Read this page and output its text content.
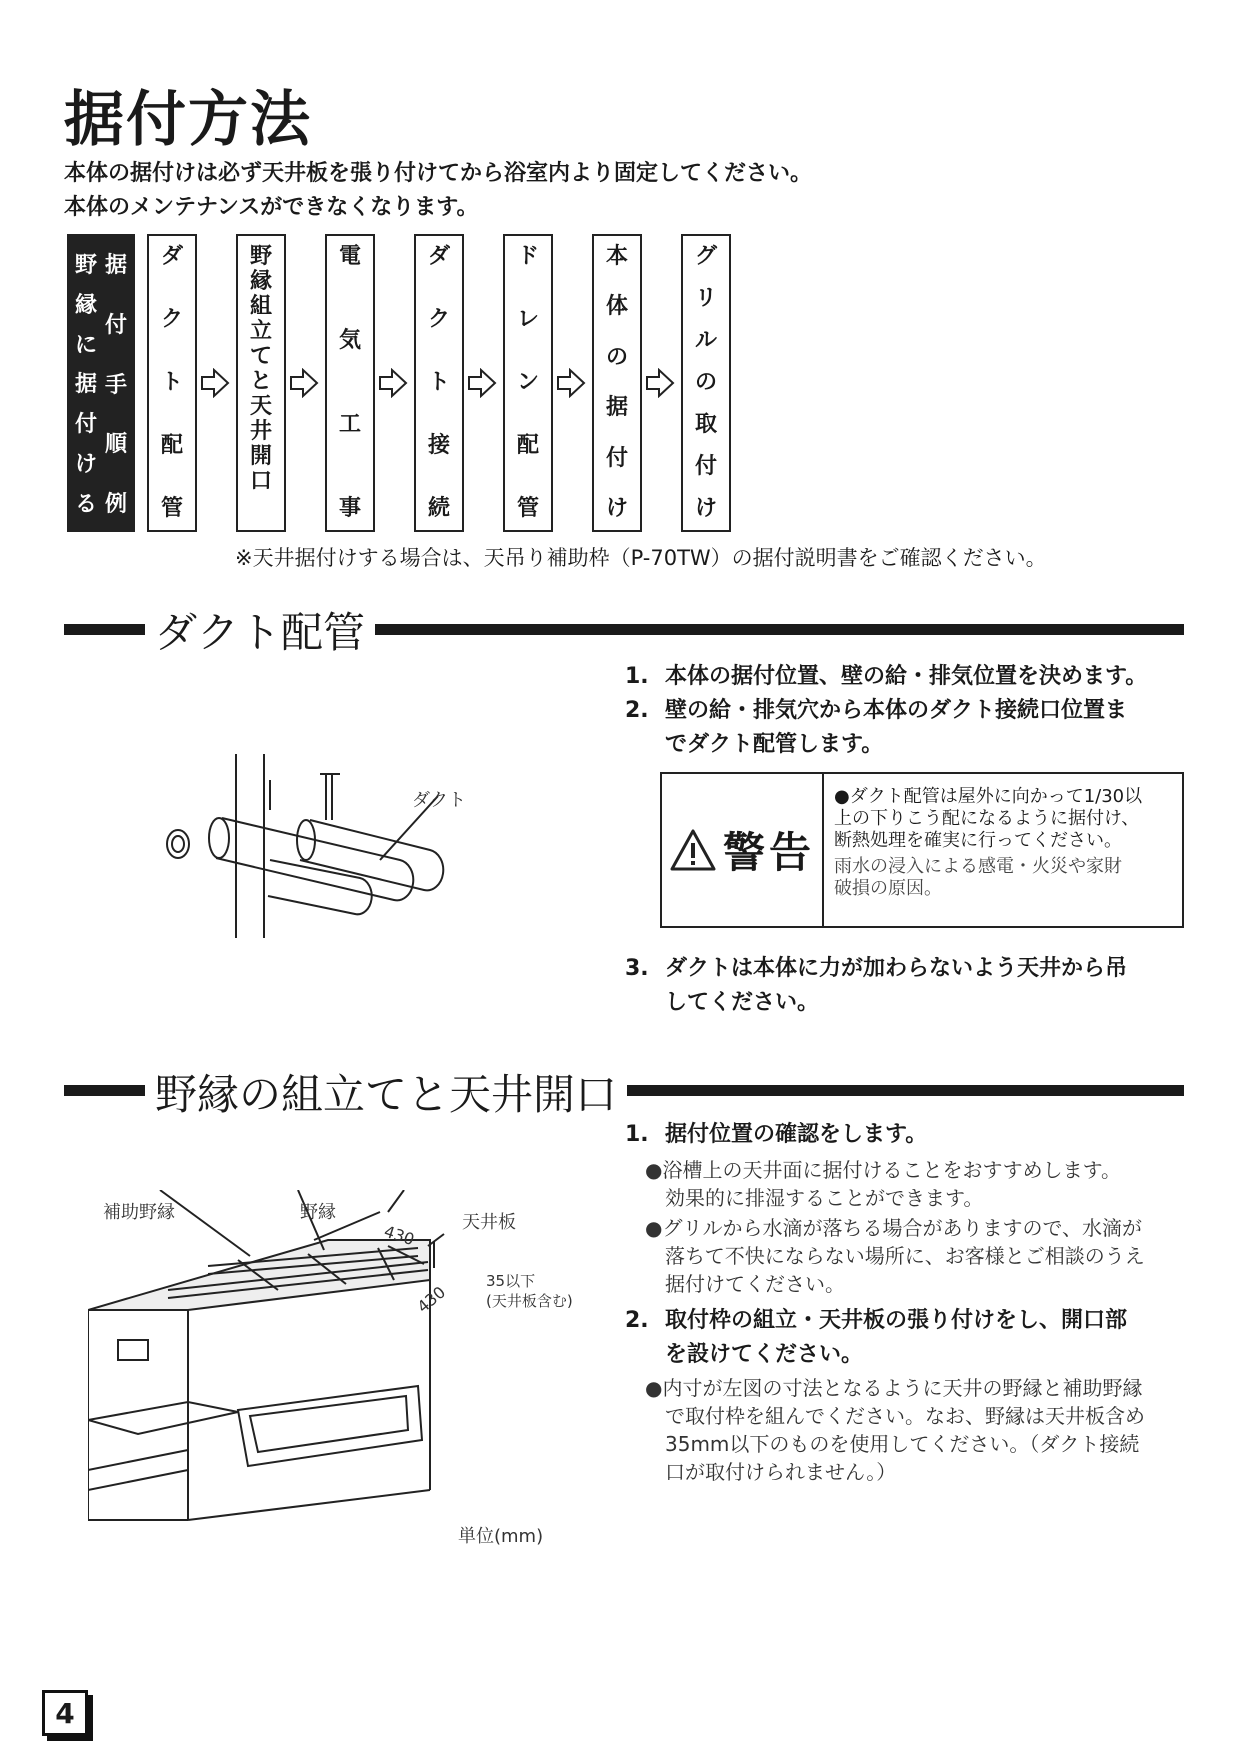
据付方法
本体の据付けは必ず天井板を張り付けてから浴室内より固定してください。
本体のメンテナンスができなくなります。
野
縁
に
据
付
け
る
据
付
手
順
例
ダ
ク
ト
配
管
野
縁
組
立
て
と
天
井
開
口
電
気
工
事
ダ
ク
ト
接
続
ド
レ
ン
配
管
本
体
の
据
付
け
グ
リ
ル
の
取
付
け
※天井据付けする場合は、天吊り補助枠（P-70TW）の据付説明書をご確認ください。
ダクト配管
1. 本体の据付位置、壁の給・排気位置を決めます。
2. 壁の給・排気穴から本体のダクト接続口位置ま
でダクト配管します。
ダクト
警告
●ダクト配管は屋外に向かって1/30以
上の下りこう配になるように据付け、
断熱処理を確実に行ってください。
雨水の浸入による感電・火災や家財
破損の原因。
3. ダクトは本体に力が加わらないよう天井から吊
してください。
野縁の組立てと天井開口
1. 据付位置の確認をします。
●浴槽上の天井面に据付けることをおすすめします。
効果的に排湿することができます。
●グリルから水滴が落ちる場合がありますので、水滴が
落ちて不快にならない場所に、お客様とご相談のうえ
据付けてください。
2. 取付枠の組立・天井板の張り付けをし、開口部
を設けてください。
●内寸が左図の寸法となるように天井の野縁と補助野縁
で取付枠を組んでください。なお、野縁は天井板含め
35mm以下のものを使用してください。（ダクト接続
口が取付けられません。）
補助野縁	野縁	天井板
430
430
35以下
(天井板含む)
単位(mm)
4
